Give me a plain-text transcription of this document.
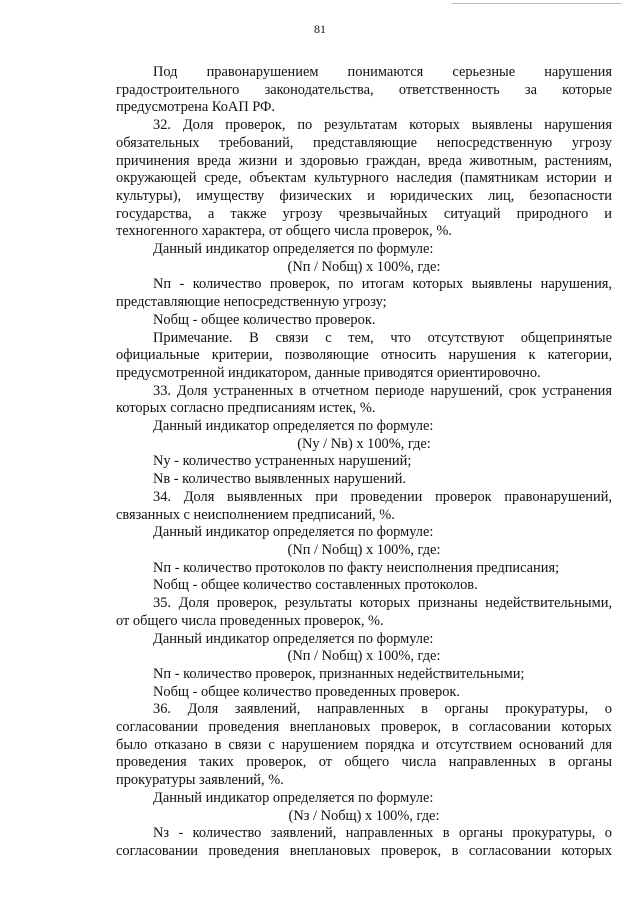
81

Под правонарушением понимаются серьезные нарушения

градостроительного законодательства, ответственность за которые

предусмотрена КоАП РФ.

32. Доля проверок, по результатам которых выявлены нарушения

обязательных требований, представляющие непосредственную угрозу

причинения вреда жизни и здоровью граждан, вреда животным, растениям,

окружающей среде, объектам культурного наследия (памятникам истории и

культуры), имуществу физических и юридических лиц, безопасности

государства, а также угрозу чрезвычайных ситуаций природного и

техногенного характера, от общего числа проверок, %.

Данный индикатор определяется по формуле:

(Nп / Nобщ) x 100%, где:

Nп - количество проверок, по итогам которых выявлены нарушения,

представляющие непосредственную угрозу;

Nобщ - общее количество проверок.

Примечание. В связи с тем, что отсутствуют общепринятые

официальные критерии, позволяющие относить нарушения к категории,

предусмотренной индикатором, данные приводятся ориентировочно.

33. Доля устраненных в отчетном периоде нарушений, срок устранения

которых согласно предписаниям истек, %.

Данный индикатор определяется по формуле:

(Nу / Nв) x 100%, где:

Nу - количество устраненных нарушений;

Nв - количество выявленных нарушений.

34. Доля выявленных при проведении проверок правонарушений,

связанных с неисполнением предписаний, %.

Данный индикатор определяется по формуле:

(Nп / Nобщ) x 100%, где:

Nп - количество протоколов по факту неисполнения предписания;

Nобщ - общее количество составленных протоколов.

35. Доля проверок, результаты которых признаны недействительными,

от общего числа проведенных проверок, %.

Данный индикатор определяется по формуле:

(Nп / Nобщ) x 100%, где:

Nп - количество проверок, признанных недействительными;

Nобщ - общее количество проведенных проверок.

36. Доля заявлений, направленных в органы прокуратуры, о

согласовании проведения внеплановых проверок, в согласовании которых

было отказано в связи с нарушением порядка и отсутствием оснований для

проведения таких проверок, от общего числа направленных в органы

прокуратуры заявлений, %.

Данный индикатор определяется по формуле:

(Nз / Nобщ) x 100%, где:

Nз - количество заявлений, направленных в органы прокуратуры, о

согласовании проведения внеплановых проверок, в согласовании которых
